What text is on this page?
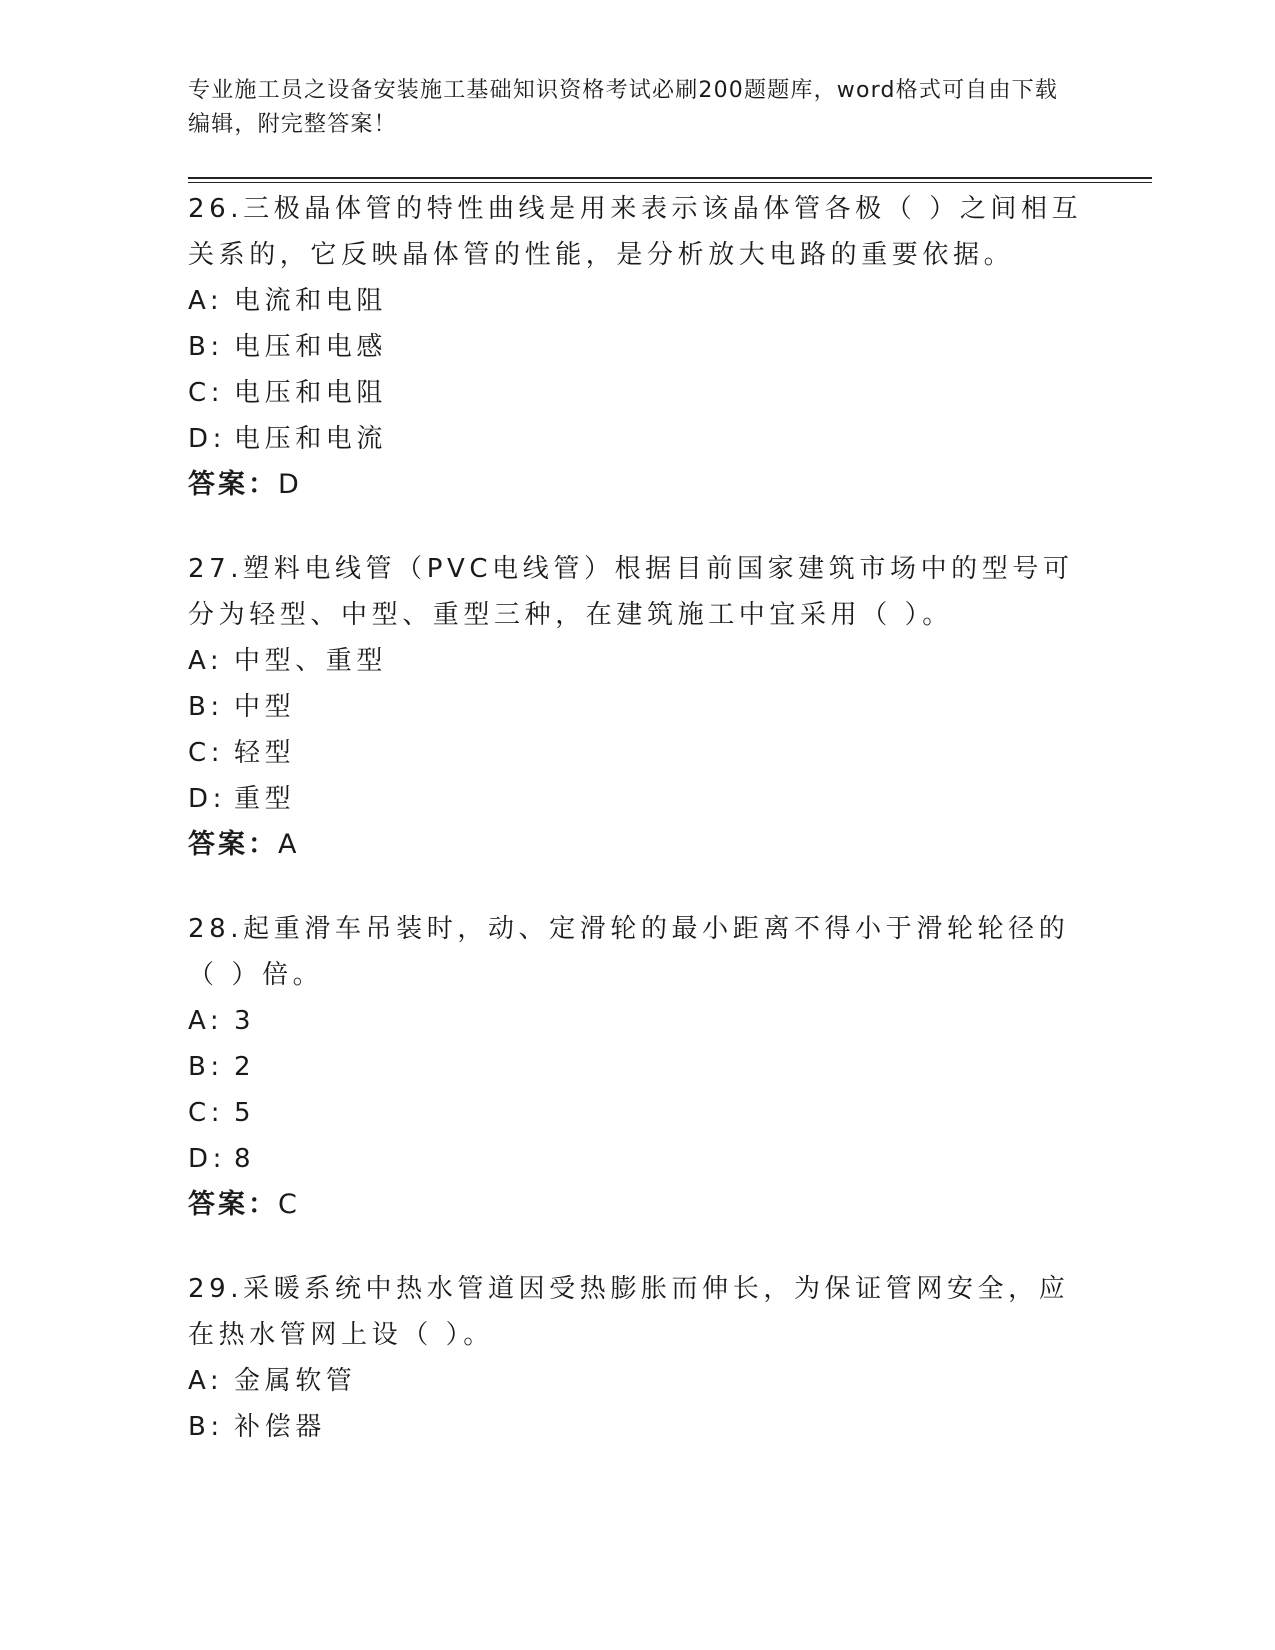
专业施工员之设备安装施工基础知识资格考试必刷200题题库，word格式可自由下载编辑，附完整答案！

26.三极晶体管的特性曲线是用来表示该晶体管各极（ ）之间相互关系的，它反映晶体管的性能，是分析放大电路的重要依据。

A: 电流和电阻

B: 电压和电感

C: 电压和电阻

D: 电压和电流

答案：D

27.塑料电线管（PVC电线管）根据目前国家建筑市场中的型号可分为轻型、中型、重型三种，在建筑施工中宜采用（ ）。

A: 中型、重型

B: 中型

C: 轻型

D: 重型

答案：A

28.起重滑车吊装时，动、定滑轮的最小距离不得小于滑轮轮径的（ ）倍。

A: 3

B: 2

C: 5

D: 8

答案：C

29.采暖系统中热水管道因受热膨胀而伸长，为保证管网安全，应在热水管网上设（ ）。

A: 金属软管

B: 补偿器
